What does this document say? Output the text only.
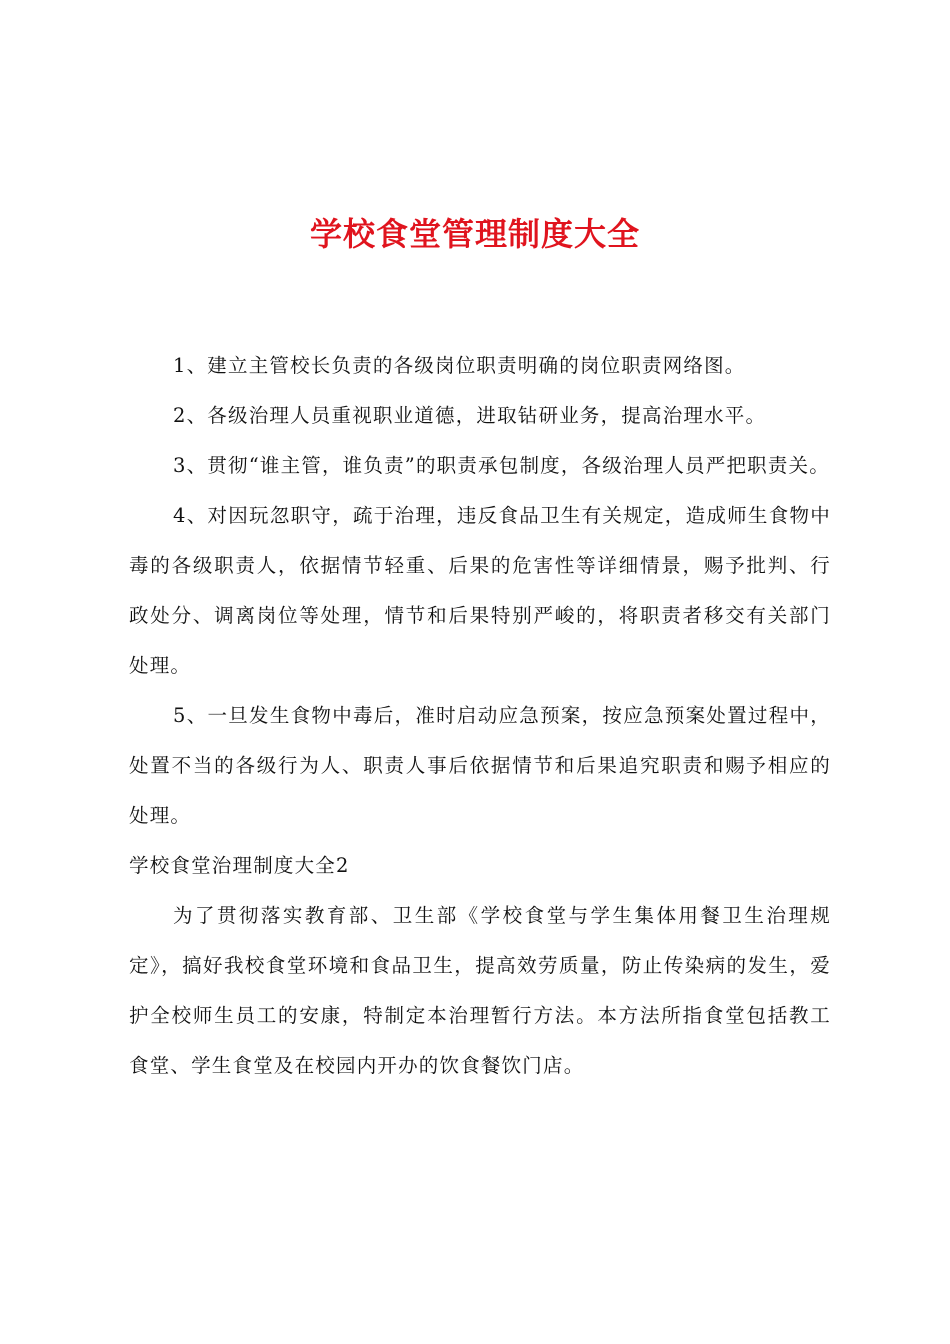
学校食堂管理制度大全

1、建立主管校长负责的各级岗位职责明确的岗位职责网络图。

2、各级治理人员重视职业道德，进取钻研业务，提高治理水平。

3、贯彻“谁主管，谁负责”的职责承包制度，各级治理人员严把职责关。

4、对因玩忽职守，疏于治理，违反食品卫生有关规定，造成师生食物中毒的各级职责人，依据情节轻重、后果的危害性等详细情景，赐予批判、行政处分、调离岗位等处理，情节和后果特别严峻的，将职责者移交有关部门处理。

5、一旦发生食物中毒后，准时启动应急预案，按应急预案处置过程中，处置不当的各级行为人、职责人事后依据情节和后果追究职责和赐予相应的处理。

学校食堂治理制度大全2

为了贯彻落实教育部、卫生部《学校食堂与学生集体用餐卫生治理规定》，搞好我校食堂环境和食品卫生，提高效劳质量，防止传染病的发生，爱护全校师生员工的安康，特制定本治理暂行方法。本方法所指食堂包括教工食堂、学生食堂及在校园内开办的饮食餐饮门店。
